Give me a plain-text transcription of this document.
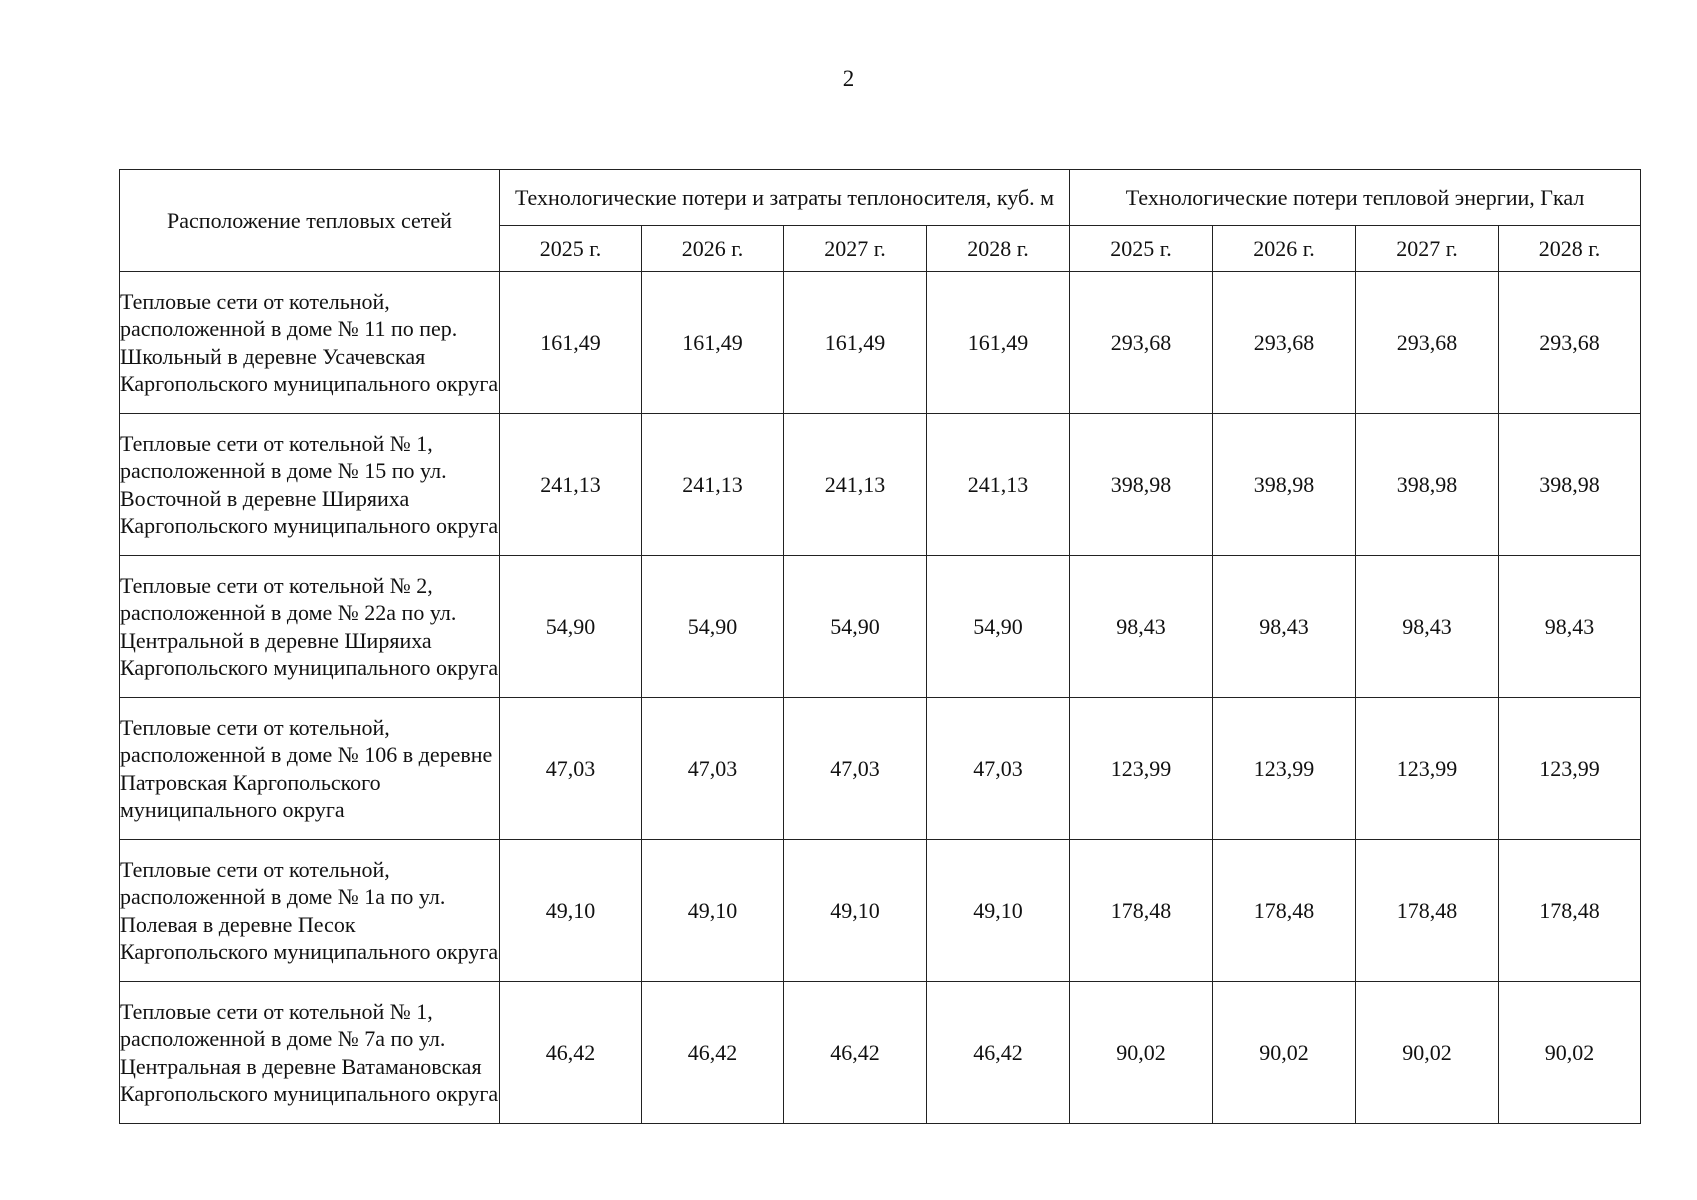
2
Расположение тепловых сетей	Технологические потери и затраты теплоносителя, куб. м				Технологические потери тепловой энергии, Гкал			
	2025 г.	2026 г.	2027 г.	2028 г.	2025 г.	2026 г.	2027 г.	2028 г.
Тепловые сети от котельной, расположенной в доме № 11 по пер. Школьный в деревне Усачевская Каргопольского муниципального округа	161,49	161,49	161,49	161,49	293,68	293,68	293,68	293,68
Тепловые сети от котельной № 1, расположенной в доме № 15 по ул. Восточной в деревне Ширяиха Каргопольского муниципального округа	241,13	241,13	241,13	241,13	398,98	398,98	398,98	398,98
Тепловые сети от котельной № 2, расположенной в доме № 22а по ул. Центральной в деревне Ширяиха Каргопольского муниципального округа	54,90	54,90	54,90	54,90	98,43	98,43	98,43	98,43
Тепловые сети от котельной, расположенной в доме № 106 в деревне Патровская Каргопольского муниципального округа	47,03	47,03	47,03	47,03	123,99	123,99	123,99	123,99
Тепловые сети от котельной, расположенной в доме № 1а по ул. Полевая в деревне Песок Каргопольского муниципального округа	49,10	49,10	49,10	49,10	178,48	178,48	178,48	178,48
Тепловые сети от котельной № 1, расположенной в доме № 7а по ул. Центральная в деревне Ватамановская Каргопольского муниципального округа	46,42	46,42	46,42	46,42	90,02	90,02	90,02	90,02
